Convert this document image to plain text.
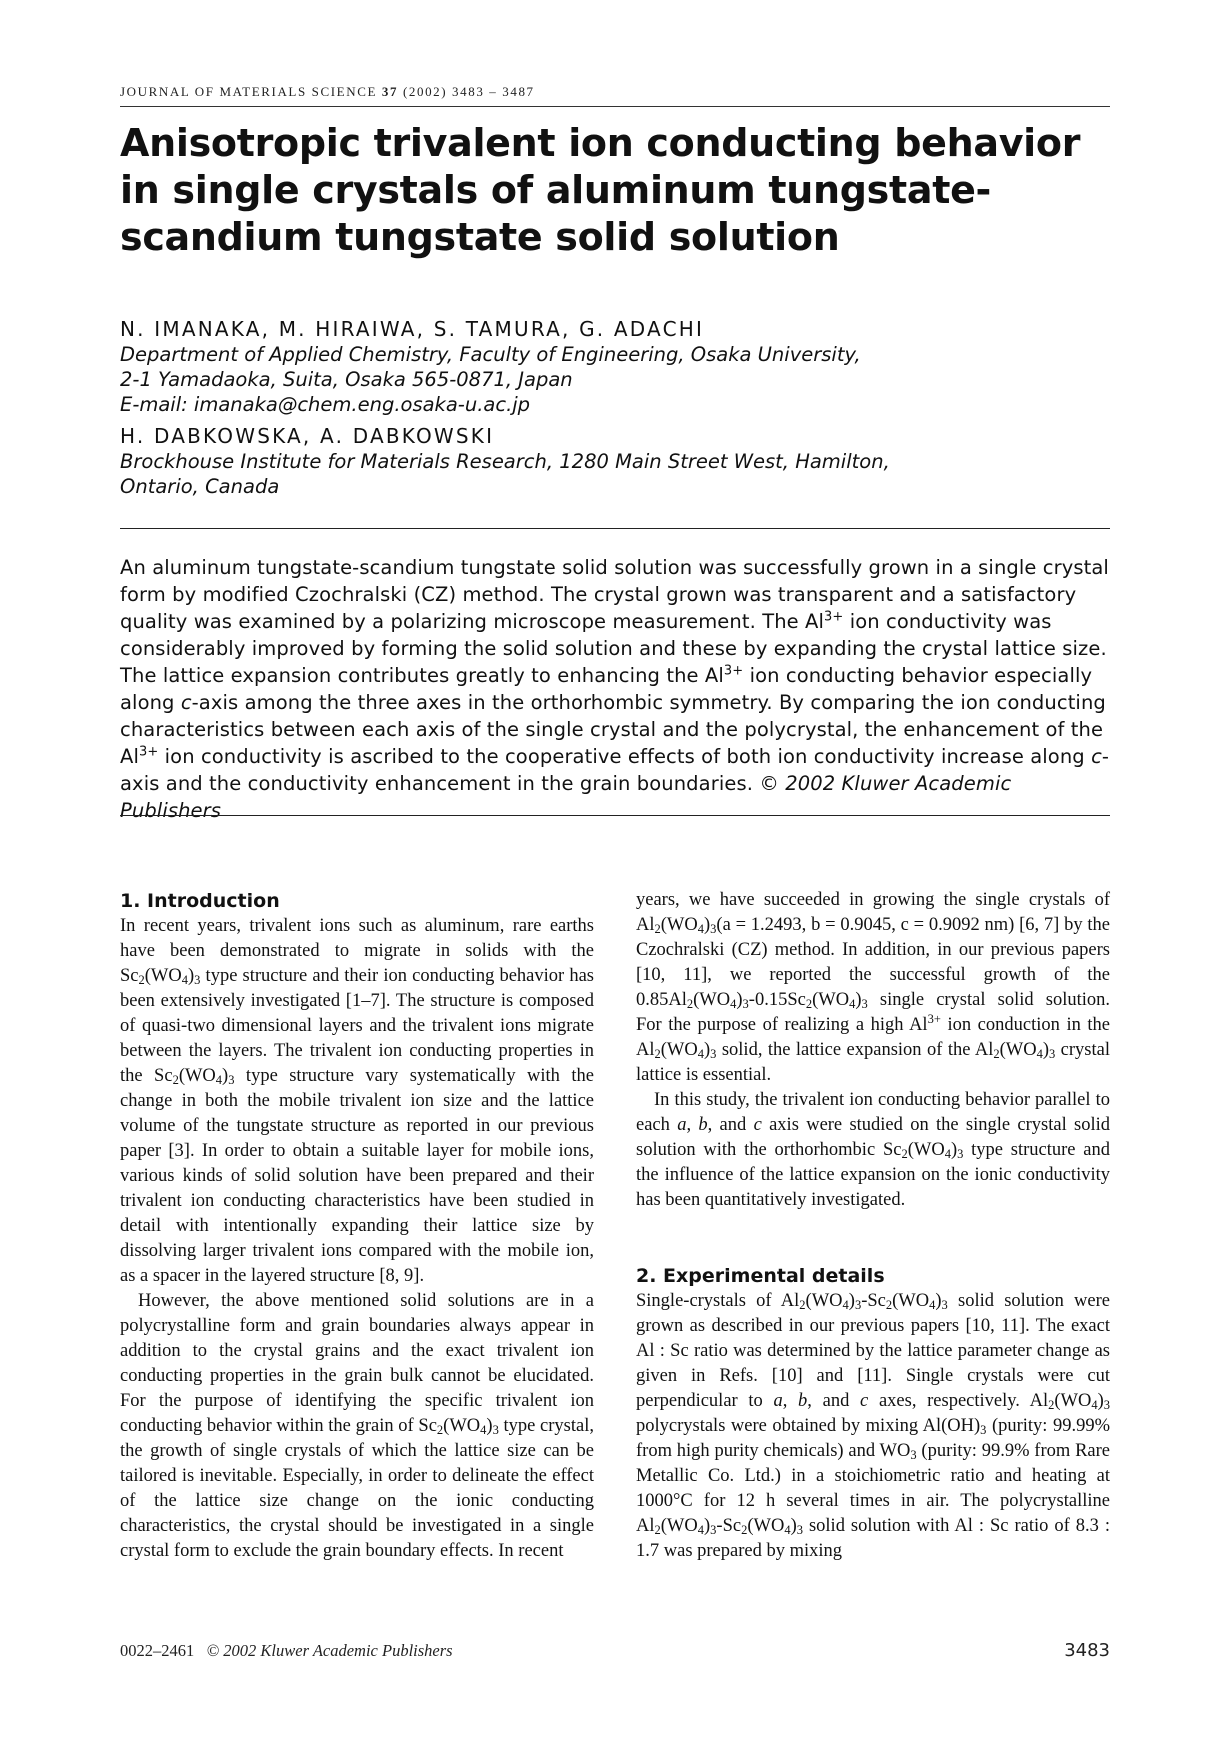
JOURNAL OF MATERIALS SCIENCE 37 (2002) 3483 – 3487
Anisotropic trivalent ion conducting behavior in single crystals of aluminum tungstate-scandium tungstate solid solution
N. IMANAKA, M. HIRAIWA, S. TAMURA, G. ADACHI
Department of Applied Chemistry, Faculty of Engineering, Osaka University,
2-1 Yamadaoka, Suita, Osaka 565-0871, Japan
E-mail: imanaka@chem.eng.osaka-u.ac.jp
H. DABKOWSKA, A. DABKOWSKI
Brockhouse Institute for Materials Research, 1280 Main Street West, Hamilton,
Ontario, Canada

An aluminum tungstate-scandium tungstate solid solution was successfully grown in a single crystal form by modified Czochralski (CZ) method. The crystal grown was transparent and a satisfactory quality was examined by a polarizing microscope measurement. The $Al^{3+}$ ion conductivity was considerably improved by forming the solid solution and these by expanding the crystal lattice size. The lattice expansion contributes greatly to enhancing the $Al^{3+}$ ion conducting behavior especially along c-axis among the three axes in the orthorhombic symmetry. By comparing the ion conducting characteristics between each axis of the single crystal and the polycrystal, the enhancement of the $Al^{3+}$ ion conductivity is ascribed to the cooperative effects of both ion conductivity increase along c-axis and the conductivity enhancement in the grain boundaries. © 2002 Kluwer Academic Publishers

1. Introduction

In recent years, trivalent ions such as aluminum, rare earths have been demonstrated to migrate in solids with the $Sc_2(WO_4)_3$ type structure and their ion conducting behavior has been extensively investigated [1–7]. The structure is composed of quasi-two dimensional layers and the trivalent ions migrate between the layers. The trivalent ion conducting properties in the $Sc_2(WO_4)_3$ type structure vary systematically with the change in both the mobile trivalent ion size and the lattice volume of the tungstate structure as reported in our previous paper [3]. In order to obtain a suitable layer for mobile ions, various kinds of solid solution have been prepared and their trivalent ion conducting characteristics have been studied in detail with intentionally expanding their lattice size by dissolving larger trivalent ions compared with the mobile ion, as a spacer in the layered structure [8, 9].

However, the above mentioned solid solutions are in a polycrystalline form and grain boundaries always appear in addition to the crystal grains and the exact trivalent ion conducting properties in the grain bulk cannot be elucidated. For the purpose of identifying the specific trivalent ion conducting behavior within the grain of $Sc_2(WO_4)_3$ type crystal, the growth of single crystals of which the lattice size can be tailored is inevitable. Especially, in order to delineate the effect of the lattice size change on the ionic conducting characteristics, the crystal should be investigated in a single crystal form to exclude the grain boundary effects. In recent

years, we have succeeded in growing the single crystals of $Al_2(WO_4)_3(a = 1.2493$, b = 0.9045, c = 0.9092 nm) [6, 7] by the Czochralski (CZ) method. In addition, in our previous papers [10, 11], we reported the successful growth of the $0.85Al_2(WO_4)_3-0.15Sc_2(WO_4)_3$ single crystal solid solution. For the purpose of realizing a high $Al^{3+}$ ion conduction in the $Al_2(WO_4)_3$ solid, the lattice expansion of the $Al_2(WO_4)_3$ crystal lattice is essential.

In this study, the trivalent ion conducting behavior parallel to each a, b, and c axis were studied on the single crystal solid solution with the orthorhombic $Sc_2(WO_4)_3$ type structure and the influence of the lattice expansion on the ionic conductivity has been quantitatively investigated.

2. Experimental details

Single-crystals of $Al_2(WO_4)_3-Sc_2(WO_4)_3$ solid solution were grown as described in our previous papers [10, 11]. The exact Al : Sc ratio was determined by the lattice parameter change as given in Refs. [10] and [11]. Single crystals were cut perpendicular to a, b, and c axes, respectively. $Al_2(WO_4)_3$ polycrystals were obtained by mixing $Al(OH)_3$ (purity: 99.99% from high purity chemicals) and $WO_3$ (purity: 99.9% from Rare Metallic Co. Ltd.) in a stoichiometric ratio and heating at 1000°C for 12 h several times in air. The polycrystalline $Al_2(WO_4)_3-Sc_2(WO_4)_3$ solid solution with Al : Sc ratio of 8.3 : 1.7 was prepared by mixing

0022–2461 © 2002 Kluwer Academic Publishers	3483
